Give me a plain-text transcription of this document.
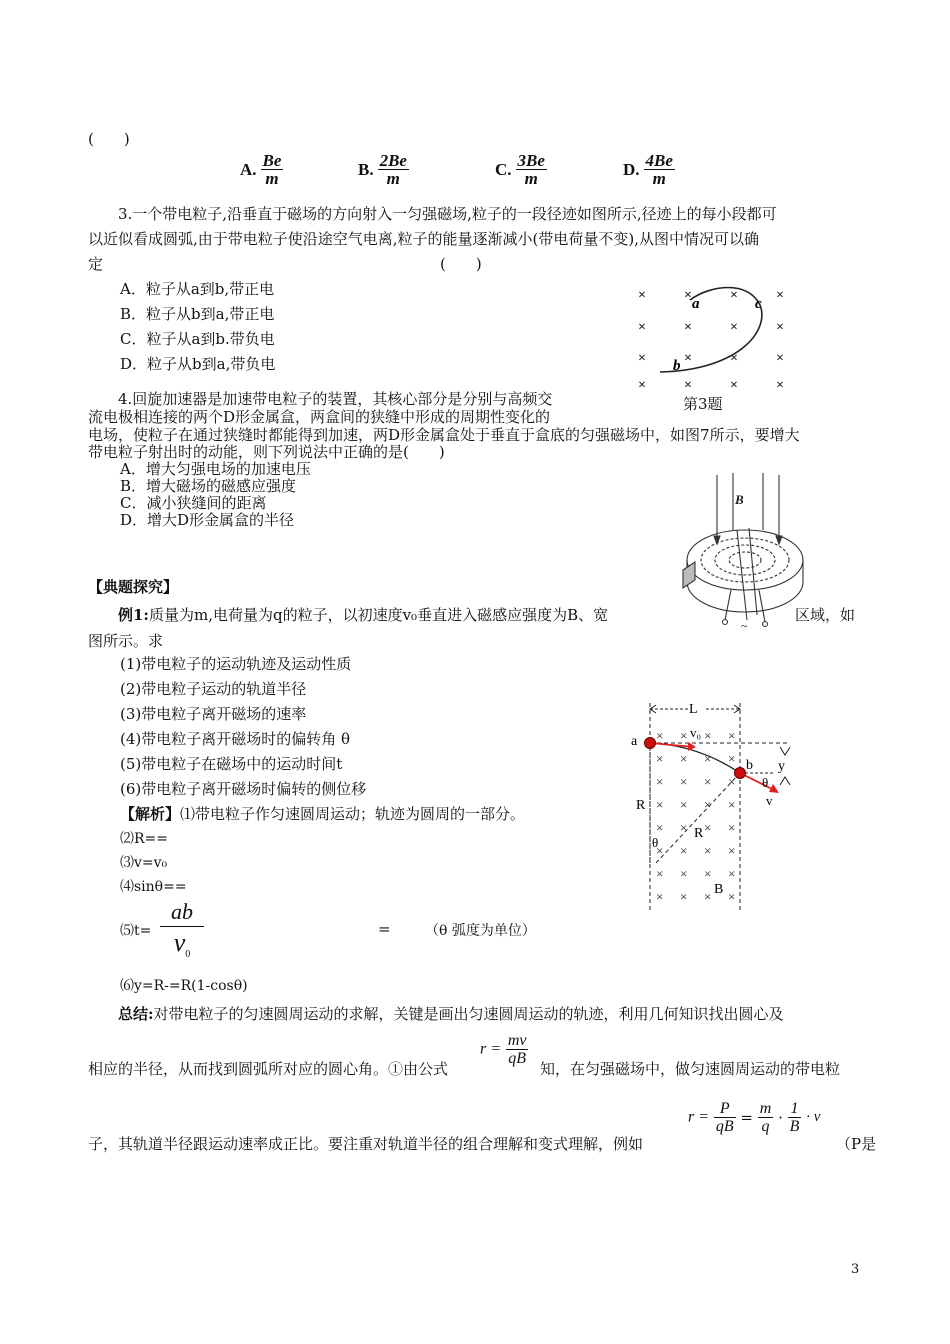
(　　)
A. $\frac{Be}{m}$	B. $\frac{2Be}{m}$	C. $\frac{3Be}{m}$	D. $\frac{4Be}{m}$
3.一个带电粒子,沿垂直于磁场的方向射入一匀强磁场,粒子的一段径迹如图所示,径迹上的每小段都可
以近似看成圆弧,由于带电粒子使沿途空气电离,粒子的能量逐渐减小(带电荷量不变),从图中情况可以确
定	(　　)
A．粒子从a到b,带正电
B．粒子从b到a,带正电
C．粒子从a到b.带负电
D．粒子从b到a,带负电
×	×	×	×
×	×	×	×
×	×	×	×
×	×	×	×
a	c
b
第3题
4.回旋加速器是加速带电粒子的装置，其核心部分是分别与高频交
流电极相连接的两个D形金属盒，两盒间的狭缝中形成的周期性变化的
电场，使粒子在通过狭缝时都能得到加速，两D形金属盒处于垂直于盒底的匀强磁场中，如图7所示，要增大
带电粒子射出时的动能，则下列说法中正确的是(　　)
A．增大匀强电场的加速电压
B．增大磁场的磁感应强度
C．减小狭缝间的距离
D．增大D形金属盒的半径
B
~
【典题探究】
例1:质量为m,电荷量为q的粒子，以初速度v₀垂直进入磁感应强度为B、宽	区域，如
图所示。求
(1)带电粒子的运动轨迹及运动性质
(2)带电粒子运动的轨道半径
(3)带电粒子离开磁场的速率
(4)带电粒子离开磁场时的偏转角 θ
(5)带电粒子在磁场中的运动时间t
(6)带电粒子离开磁场时偏转的侧位移
【解析】⑴带电粒子作匀速圆周运动；轨迹为圆周的一部分。
⑵R==
⑶v=v₀
⑷sinθ==
⑸t=
ab
$v_0$
= （θ 弧度为单位）
⑹y=R-=R(1-cosθ)
× × × ×
× × × ×
× × × ×
× × × ×
× × × ×
× × × ×
× × × ×
× × × ×
L
a
v₀
b y
θ
v
R
R
θ
B
总结:对带电粒子的匀速圆周运动的求解，关键是画出匀速圆周运动的轨迹，利用几何知识找出圆心及
相应的半径，从而找到圆弧所对应的圆心角。①由公式
$r = \frac{mv}{qB}$
知，在匀强磁场中，做匀速圆周运动的带电粒
子，其轨道半径跟运动速率成正比。要注重对轨道半径的组合理解和变式理解，例如
$r = \frac{P}{qB} = \frac{m}{q} \cdot \frac{1}{B} \cdot v$
（P是
3
